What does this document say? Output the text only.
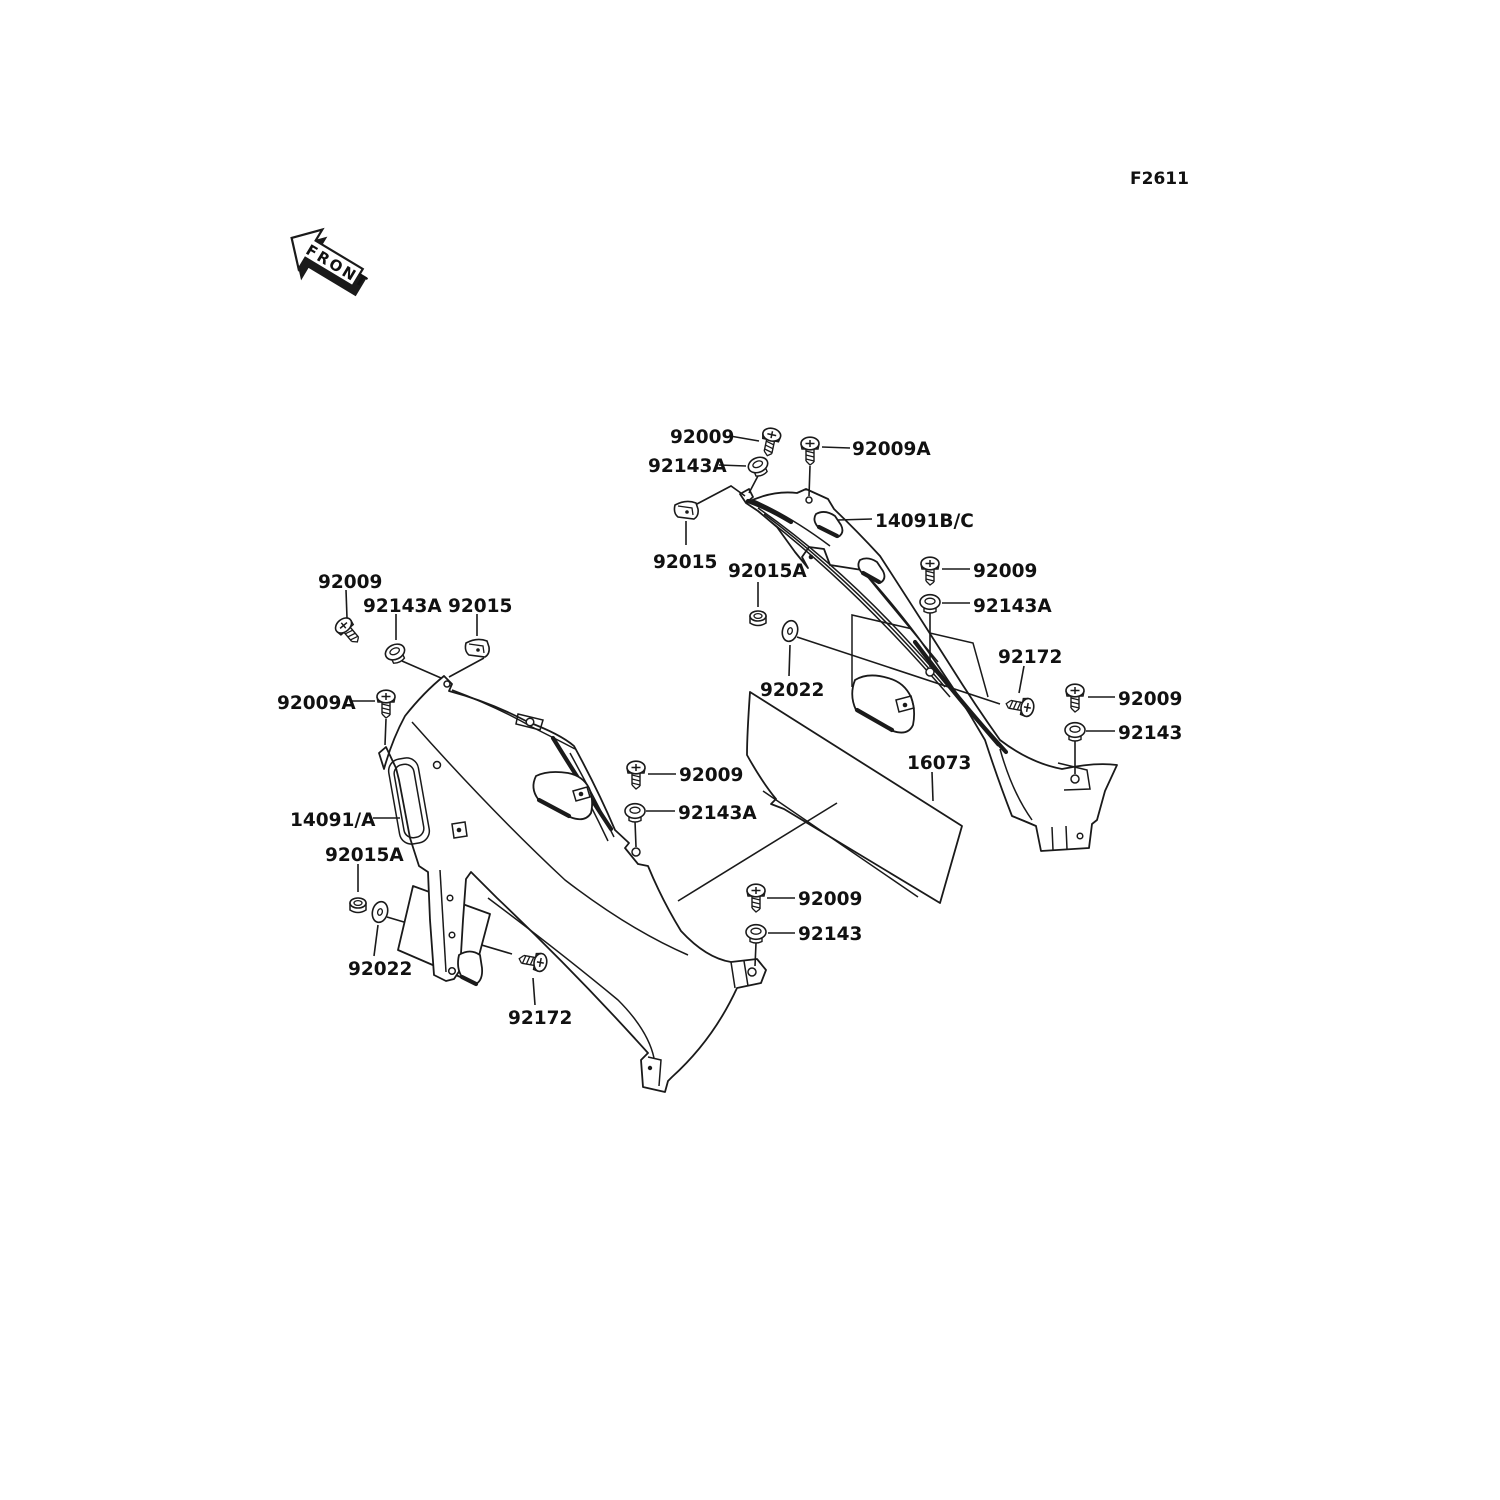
FRONT
F2611
92009
92009A
92143A
14091B/C
92015 92015A	92009
92143A
92022
92172
92009
92143
16073
92009
92143A
92009
92143
92009
92143A 92015
92009A
14091/A
92015A
92022
92172
